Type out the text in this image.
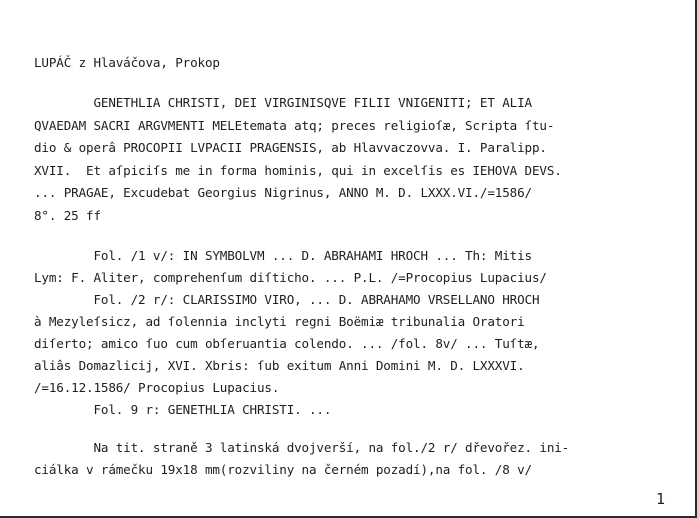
LUPÁČ z Hlaváčova, Prokop
GENETHLIA CHRISTI, DEI VIRGINISQVE FILII VNIGENITI; ET ALIA
QVAEDAM SACRI ARGVMENTI MELEtemata atq; preces religioſæ, Scripta ſtu-
dio & operâ PROCOPII LVPACII PRAGENSIS, ab Hlavvaczovva. I. Paralipp.
XVII.  Et aſpiciſs me in forma hominis, qui in excelſis es IEHOVA DEVS.
... PRAGAE, Excudebat Georgius Nigrinus, ANNO M. D. LXXX.VI./=1586/
8°. 25 ff
Fol. /1 v/: IN SYMBOLVM ... D. ABRAHAMI HROCH ... Th: Mitis
Lym: F. Aliter, comprehenſum diſticho. ... P.L. /=Procopius Lupacius/
Fol. /2 r/: CLARISSIMO VIRO, ... D. ABRAHAMO VRSELLANO HROCH
à Mezyleſsicz, ad ſolennia inclyti regni Boëmiæ tribunalia Oratori
diſerto; amico ſuo cum obſeruantia colendo. ... /fol. 8v/ ... Tuſtæ,
aliâs Domazlicij, XVI. Xbris: ſub exitum Anni Domini M. D. LXXXVI.
/=16.12.1586/ Procopius Lupacius.
Fol. 9 r: GENETHLIA CHRISTI. ...
Na tit. straně 3 latinská dvojverší, na fol./2 r/ dřevořez. ini-
ciálka v rámečku 19x18 mm(rozviliny na černém pozadí),na fol. /8 v/
1
